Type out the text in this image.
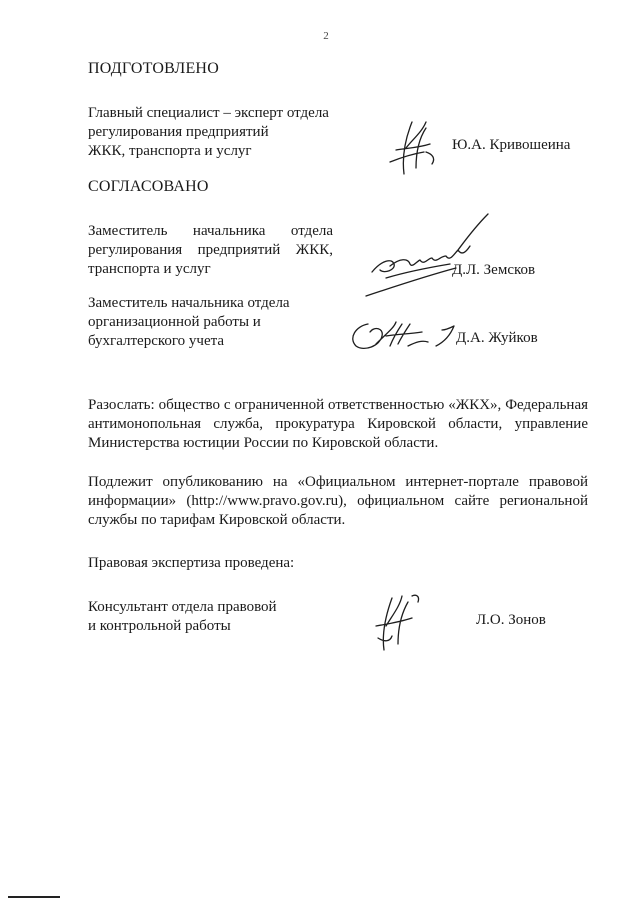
2
ПОДГОТОВЛЕНО
Главный специалист – эксперт отдела
регулирования предприятий
ЖКК, транспорта и услуг	Ю.А. Кривошеина
СОГЛАСОВАНО
Заместитель начальника отдела
регулирования предприятий ЖКК,
транспорта и услуг	Д.Л. Земсков
Заместитель начальника отдела
организационной работы и
бухгалтерского учета	Д.А. Жуйков
Разослать: общество с ограниченной ответственностью «ЖКХ», Федеральная антимонопольная служба, прокуратура Кировской области, управление Министерства юстиции России по Кировской области.
Подлежит опубликованию на «Официальном интернет-портале правовой информации» (http://www.pravo.gov.ru), официальном сайте региональной службы по тарифам Кировской области.
Правовая экспертиза проведена:
Консультант отдела правовой
и контрольной работы	Л.О. Зонов
